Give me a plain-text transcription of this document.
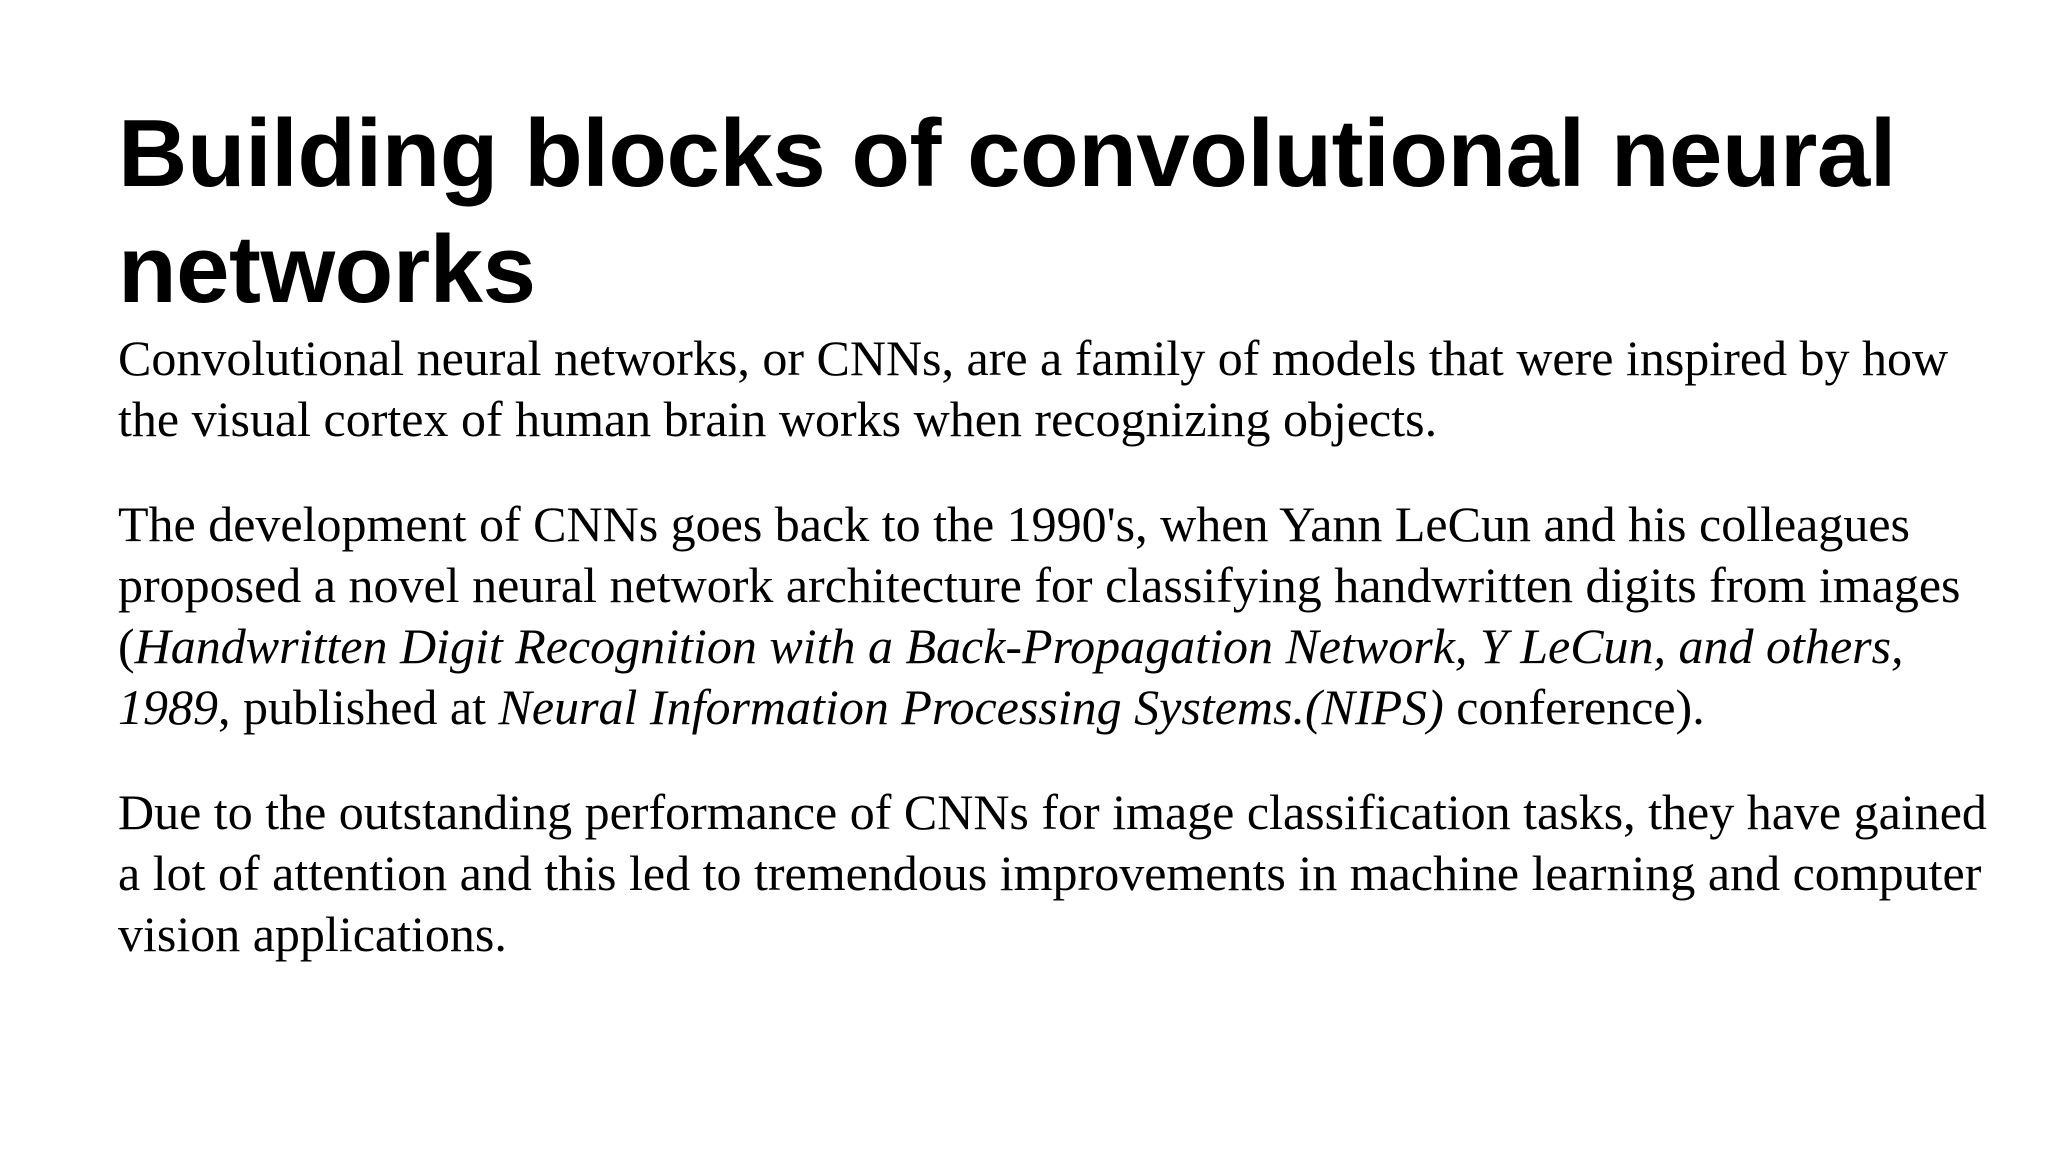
Building blocks of convolutional neural networks

Convolutional neural networks, or CNNs, are a family of models that were inspired by how the visual cortex of human brain works when recognizing objects.

The development of CNNs goes back to the 1990's, when Yann LeCun and his colleagues proposed a novel neural network architecture for classifying handwritten digits from images (Handwritten Digit Recognition with a Back-Propagation Network, Y LeCun, and others, 1989, published at Neural Information Processing Systems.(NIPS) conference).

Due to the outstanding performance of CNNs for image classification tasks, they have gained a lot of attention and this led to tremendous improvements in machine learning and computer vision applications.
